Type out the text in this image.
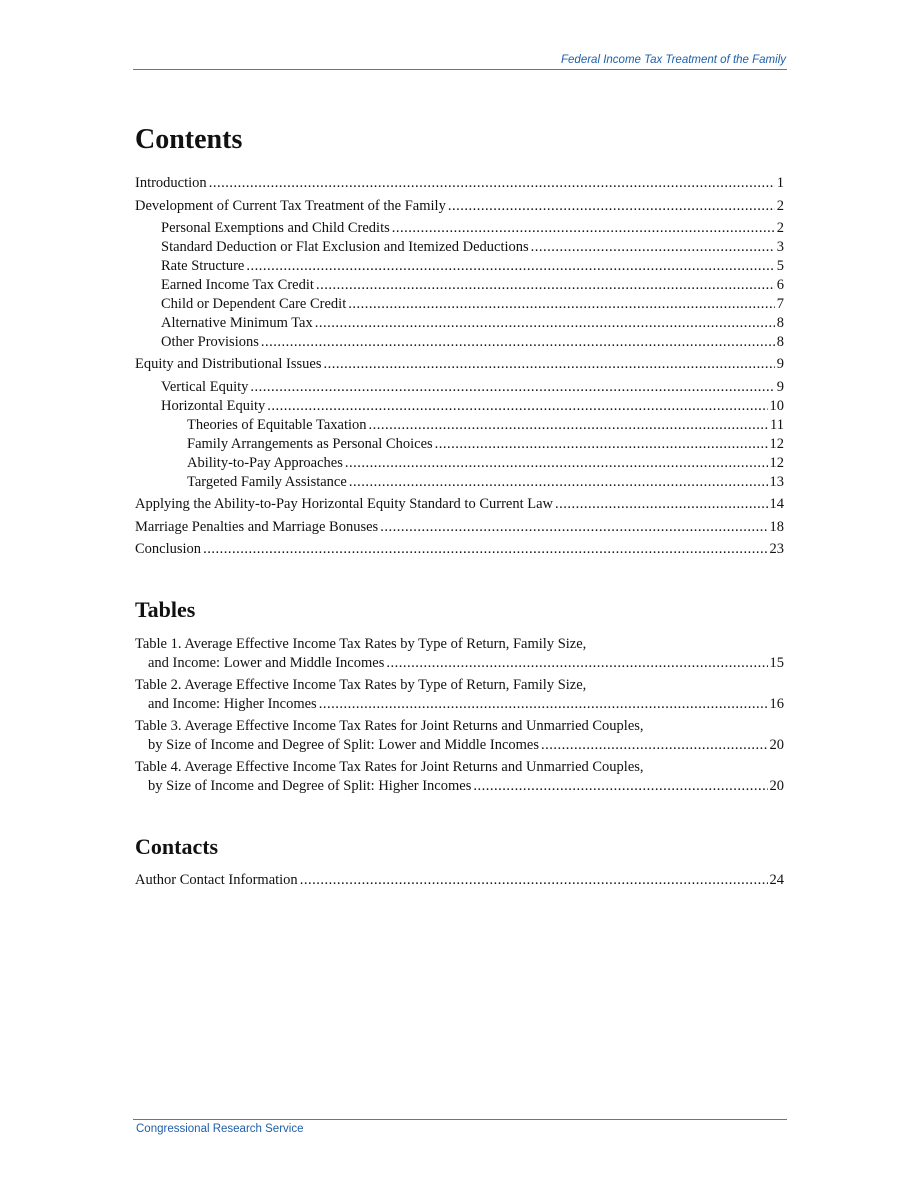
Federal Income Tax Treatment of the Family
Contents
Introduction .....	1
Development of Current Tax Treatment of the Family .....	2
Personal Exemptions and Child Credits .....	2
Standard Deduction or Flat Exclusion and Itemized Deductions .....	3
Rate Structure .....	5
Earned Income Tax Credit .....	6
Child or Dependent Care Credit .....	7
Alternative Minimum Tax .....	8
Other Provisions .....	8
Equity and Distributional Issues .....	9
Vertical Equity .....	9
Horizontal Equity .....	10
Theories of Equitable Taxation .....	11
Family Arrangements as Personal Choices .....	12
Ability-to-Pay Approaches .....	12
Targeted Family Assistance .....	13
Applying the Ability-to-Pay Horizontal Equity Standard to Current Law .....	14
Marriage Penalties and Marriage Bonuses .....	18
Conclusion .....	23
Tables
Table 1. Average Effective Income Tax Rates by Type of Return, Family Size,
and Income: Lower and Middle Incomes .....	15
Table 2. Average Effective Income Tax Rates by Type of Return, Family Size,
and Income: Higher Incomes .....	16
Table 3. Average Effective Income Tax Rates for Joint Returns and Unmarried Couples,
by Size of Income and Degree of Split: Lower and Middle Incomes .....	20
Table 4. Average Effective Income Tax Rates for Joint Returns and Unmarried Couples,
by Size of Income and Degree of Split: Higher Incomes .....	20
Contacts
Author Contact Information .....	24
Congressional Research Service
